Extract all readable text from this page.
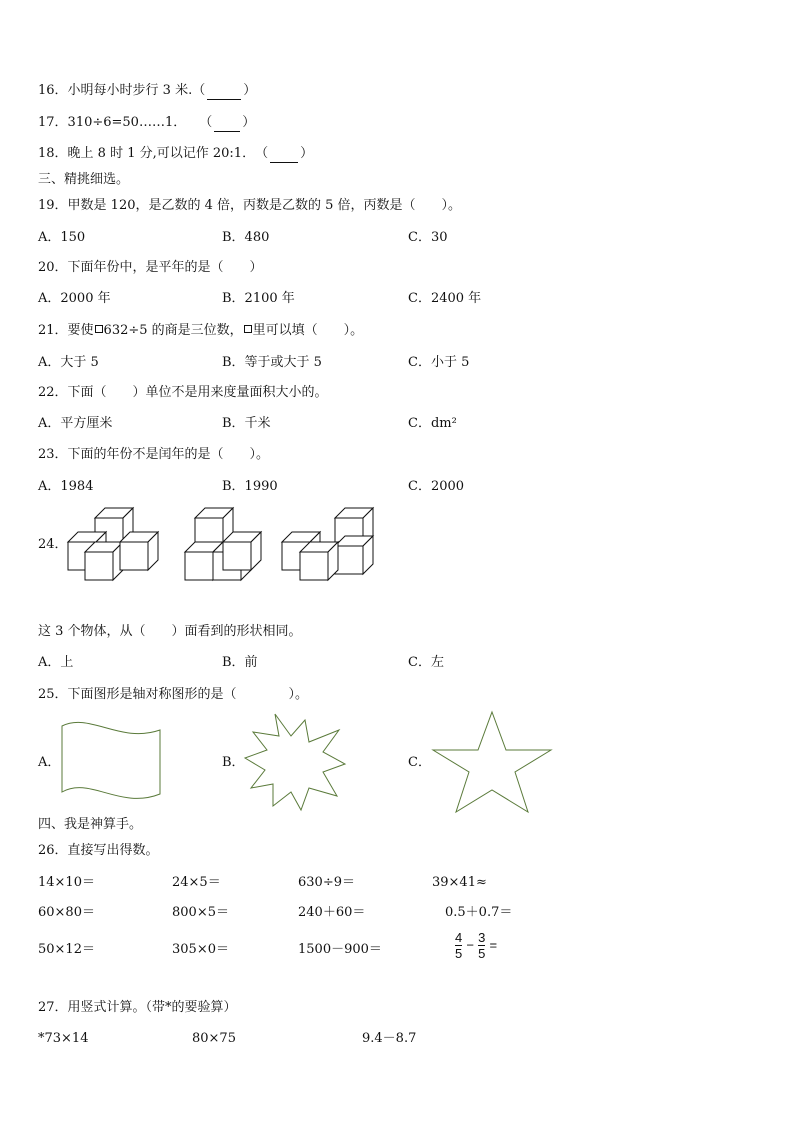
16．小明每小时步行 3 米.（	）
17．310÷6=50……1．　　（ ）
18．晚上 8 时 1 分,可以记作 20:1．　（ ）
三、精挑细选。
19．甲数是 120，是乙数的 4 倍，丙数是乙数的 5 倍，丙数是（　　）。
A．150	B．480	C．30
20．下面年份中，是平年的是（　　）
A．2000 年	B．2100 年	C．2400 年
21．要使 632÷5 的商是三位数， 里可以填（　　）。
A．大于 5	B．等于或大于 5	C．小于 5
22．下面（　　）单位不是用来度量面积大小的。
A．平方厘米	B．千米	C．dm²
23．下面的年份不是闰年的是（　　）。
A．1984	B．1990	C．2000
24．
这 3 个物体，从（　　）面看到的形状相同。
A．上	B．前	C．左
25．下面图形是轴对称图形的是（　　　　）。
A．	B．	C．
四、我是神算手。
26．直接写出得数。
14×10＝	24×5＝	630÷9＝	39×41≈
60×80＝	800×5＝	240＋60＝	0.5＋0.7＝
50×12＝	305×0＝	1500－900＝	$\frac{4}{5} - \frac{3}{5}$ =
27．用竖式计算。（带*的要验算）
*73×14	80×75	9.4－8.7
